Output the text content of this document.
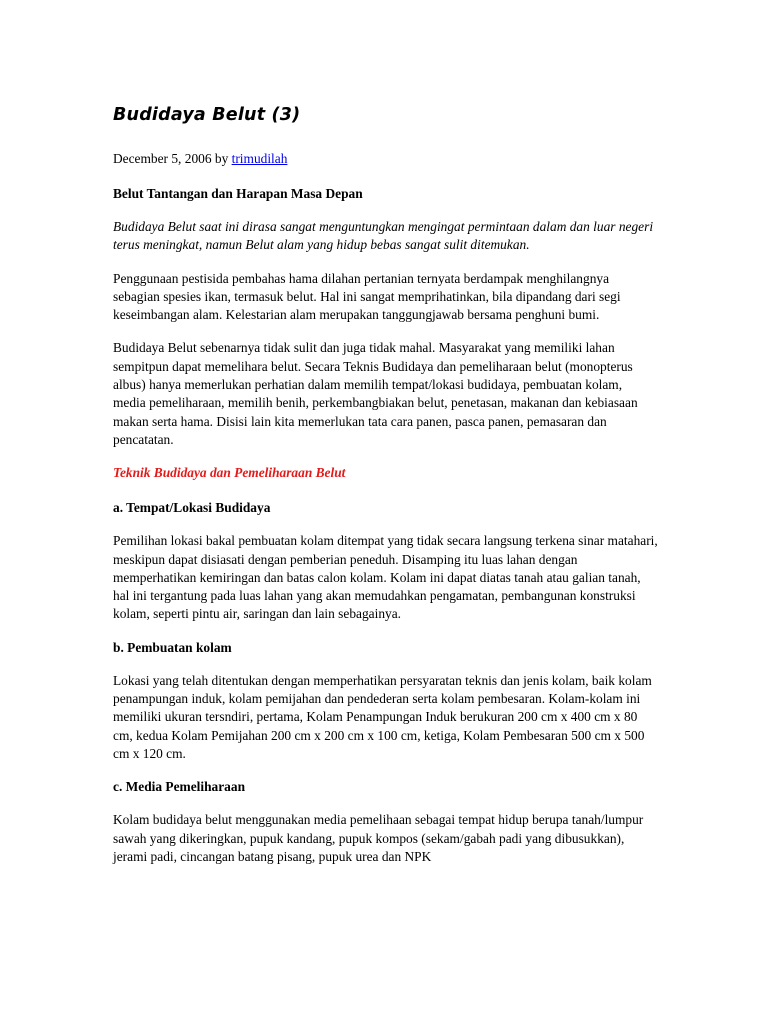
Budidaya Belut (3)

December 5, 2006 by trimudilah

Belut Tantangan dan Harapan Masa Depan

Budidaya Belut saat ini dirasa sangat menguntungkan mengingat permintaan dalam dan luar negeri terus meningkat, namun Belut alam yang hidup bebas sangat sulit ditemukan.

Penggunaan pestisida pembahas hama dilahan pertanian ternyata berdampak menghilangnya sebagian spesies ikan, termasuk belut. Hal ini sangat memprihatinkan, bila dipandang dari segi keseimbangan alam. Kelestarian alam merupakan tanggungjawab bersama penghuni bumi.

Budidaya Belut sebenarnya tidak sulit dan juga tidak mahal. Masyarakat yang memiliki lahan sempitpun dapat memelihara belut. Secara Teknis Budidaya dan pemeliharaan belut (monopterus albus) hanya memerlukan perhatian dalam memilih tempat/lokasi budidaya, pembuatan kolam, media pemeliharaan, memilih benih, perkembangbiakan belut, penetasan, makanan dan kebiasaan makan serta hama. Disisi lain kita memerlukan tata cara panen, pasca panen, pemasaran dan pencatatan.

Teknik Budidaya dan Pemeliharaan Belut

a. Tempat/Lokasi Budidaya

Pemilihan lokasi bakal pembuatan kolam ditempat yang tidak secara langsung terkena sinar matahari, meskipun dapat disiasati dengan pemberian peneduh. Disamping itu luas lahan dengan memperhatikan kemiringan dan batas calon kolam. Kolam ini dapat diatas tanah atau galian tanah, hal ini tergantung pada luas lahan yang akan memudahkan pengamatan, pembangunan konstruksi kolam, seperti pintu air, saringan dan lain sebagainya.

b. Pembuatan kolam

Lokasi yang telah ditentukan dengan memperhatikan persyaratan teknis dan jenis kolam, baik kolam penampungan induk, kolam pemijahan dan pendederan serta kolam pembesaran. Kolam-kolam ini memiliki ukuran tersndiri, pertama, Kolam Penampungan Induk berukuran 200 cm x 400 cm x 80 cm, kedua Kolam Pemijahan 200 cm x 200 cm x 100 cm, ketiga, Kolam Pembesaran 500 cm x 500 cm x 120 cm.

c. Media Pemeliharaan

Kolam budidaya belut menggunakan media pemelihaan sebagai tempat hidup berupa tanah/lumpur sawah yang dikeringkan, pupuk kandang, pupuk kompos (sekam/gabah padi yang dibusukkan), jerami padi, cincangan batang pisang, pupuk urea dan NPK
